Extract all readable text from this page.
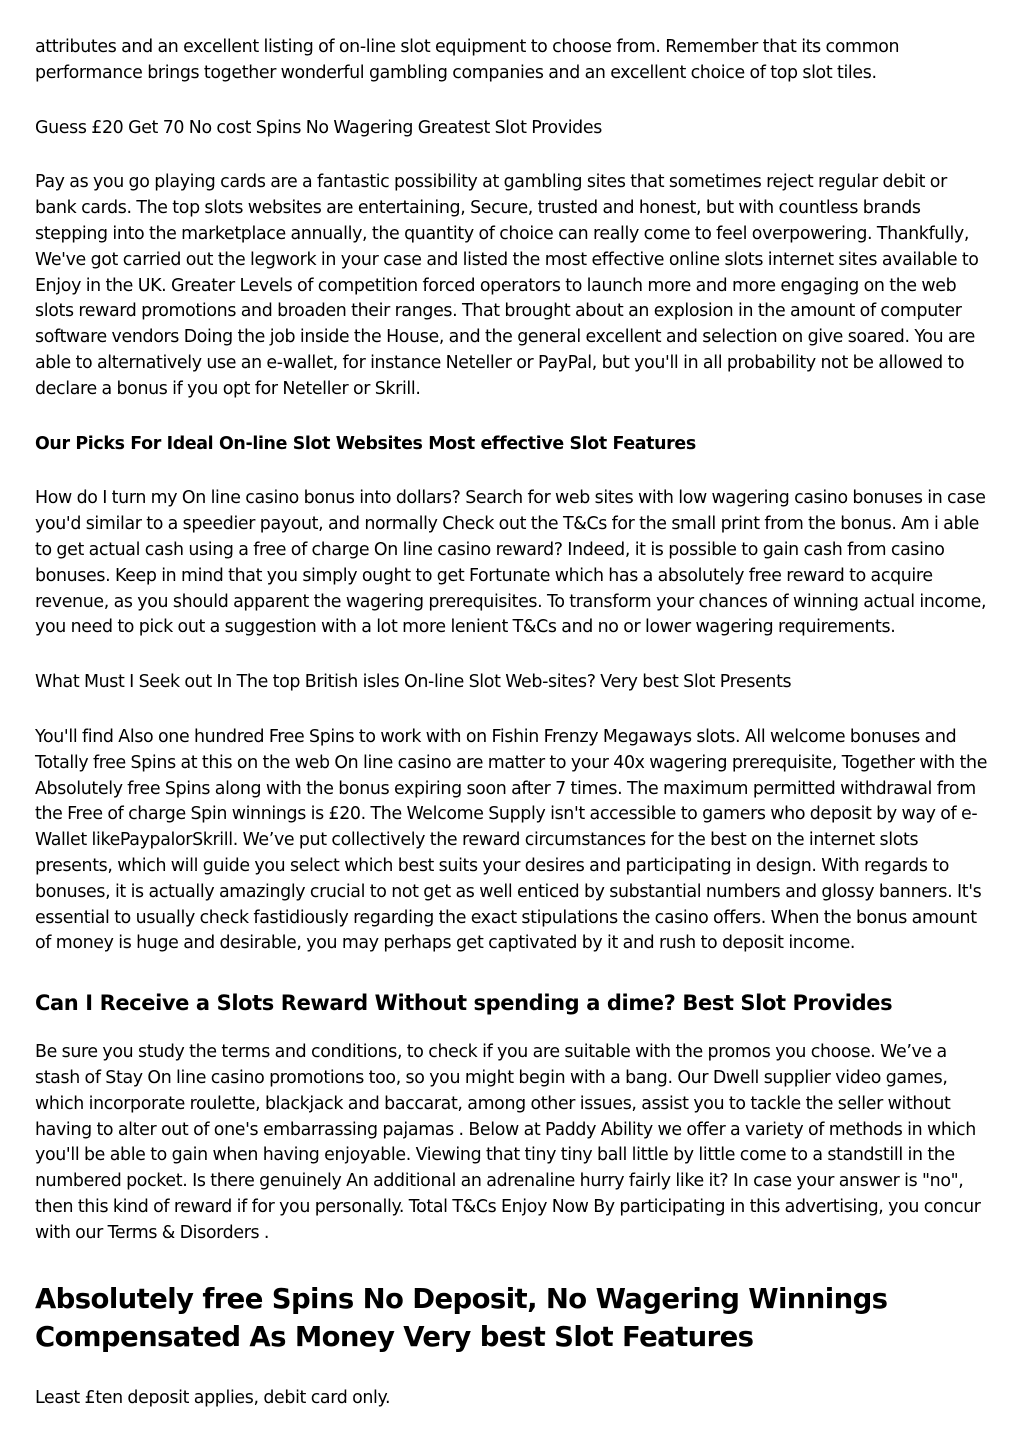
attributes and an excellent listing of on-line slot equipment to choose from. Remember that its common performance brings together wonderful gambling companies and an excellent choice of top slot tiles.

Guess £20 Get 70 No cost Spins No Wagering Greatest Slot Provides

Pay as you go playing cards are a fantastic possibility at gambling sites that sometimes reject regular debit or bank cards. The top slots websites are entertaining, Secure, trusted and honest, but with countless brands stepping into the marketplace annually, the quantity of choice can really come to feel overpowering. Thankfully, We've got carried out the legwork in your case and listed the most effective online slots internet sites available to Enjoy in the UK. Greater Levels of competition forced operators to launch more and more engaging on the web slots reward promotions and broaden their ranges. That brought about an explosion in the amount of computer software vendors Doing the job inside the House, and the general excellent and selection on give soared. You are able to alternatively use an e-wallet, for instance Neteller or PayPal, but you'll in all probability not be allowed to declare a bonus if you opt for Neteller or Skrill.

Our Picks For Ideal On-line Slot Websites Most effective Slot Features

How do I turn my On line casino bonus into dollars? Search for web sites with low wagering casino bonuses in case you'd similar to a speedier payout, and normally Check out the T&Cs for the small print from the bonus. Am i able to get actual cash using a free of charge On line casino reward? Indeed, it is possible to gain cash from casino bonuses. Keep in mind that you simply ought to get Fortunate which has a absolutely free reward to acquire revenue, as you should apparent the wagering prerequisites. To transform your chances of winning actual income, you need to pick out a suggestion with a lot more lenient T&Cs and no or lower wagering requirements.

What Must I Seek out In The top British isles On-line Slot Web-sites? Very best Slot Presents

You'll find Also one hundred Free Spins to work with on Fishin Frenzy Megaways slots. All welcome bonuses and Totally free Spins at this on the web On line casino are matter to your 40x wagering prerequisite, Together with the Absolutely free Spins along with the bonus expiring soon after 7 times. The maximum permitted withdrawal from the Free of charge Spin winnings is £20. The Welcome Supply isn't accessible to gamers who deposit by way of e-Wallet likePaypalorSkrill. We’ve put collectively the reward circumstances for the best on the internet slots presents, which will guide you select which best suits your desires and participating in design. With regards to bonuses, it is actually amazingly crucial to not get as well enticed by substantial numbers and glossy banners. It's essential to usually check fastidiously regarding the exact stipulations the casino offers. When the bonus amount of money is huge and desirable, you may perhaps get captivated by it and rush to deposit income.

Can I Receive a Slots Reward Without spending a dime? Best Slot Provides

Be sure you study the terms and conditions, to check if you are suitable with the promos you choose. We’ve a stash of Stay On line casino promotions too, so you might begin with a bang. Our Dwell supplier video games, which incorporate roulette, blackjack and baccarat, among other issues, assist you to tackle the seller without having to alter out of one's embarrassing pajamas . Below at Paddy Ability we offer a variety of methods in which you'll be able to gain when having enjoyable. Viewing that tiny tiny ball little by little come to a standstill in the numbered pocket. Is there genuinely An additional an adrenaline hurry fairly like it? In case your answer is "no", then this kind of reward if for you personally. Total T&Cs Enjoy Now By participating in this advertising, you concur with our Terms & Disorders .

Absolutely free Spins No Deposit, No Wagering Winnings Compensated As Money Very best Slot Features

Least £ten deposit applies, debit card only.
